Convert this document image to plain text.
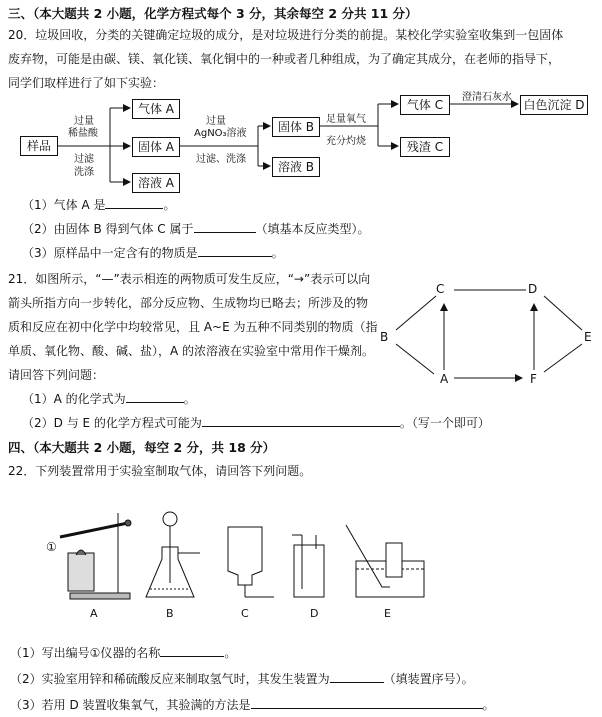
三、（本大题共 2 小题，化学方程式每个 3 分，其余每空 2 分共 11 分）
20．垃圾回收，分类的关键确定垃圾的成分，是对垃圾进行分类的前提。某校化学实验室收集到一包固体
废弃物，可能是由碳、镁、氧化镁、氧化铜中的一种或者几种组成，为了确定其成分，在老师的指导下，
同学们取样进行了如下实验：
样品
过量
稀盐酸
过滤
洗涤
气体 A
固体 A
溶液 A
过量
AgNO₃溶液
过滤、洗涤
固体 B
溶液 B
足量氧气
充分灼烧
气体 C
残渣 C
澄清石灰水
白色沉淀 D
（1）气体 A 是	。
（2）由固体 B 得到气体 C 属于	（填基本反应类型）。
（3）原样品中一定含有的物质是	。
21．如图所示，“—”表示相连的两物质可发生反应，“→”表示可以向
箭头所指方向一步转化，部分反应物、生成物均已略去；所涉及的物
质和反应在初中化学中均较常见，且 A~E 为五种不同类别的物质（指
单质、氧化物、酸、碱、盐），A 的浓溶液在实验室中常用作干燥剂。
请回答下列问题：
C	D
B	E
A	F
（1）A 的化学式为	。
（2）D 与 E 的化学方程式可能为	。（写一个即可）
四、（本大题共 2 小题，每空 2 分，共 18 分）
22．下列装置常用于实验室制取气体，请回答下列问题。
①
A	B	C	D	E
（1）写出编号①仪器的名称	。
（2）实验室用锌和稀硫酸反应来制取氢气时，其发生装置为	（填装置序号）。
（3）若用 D 装置收集氧气，其验满的方法是	。
